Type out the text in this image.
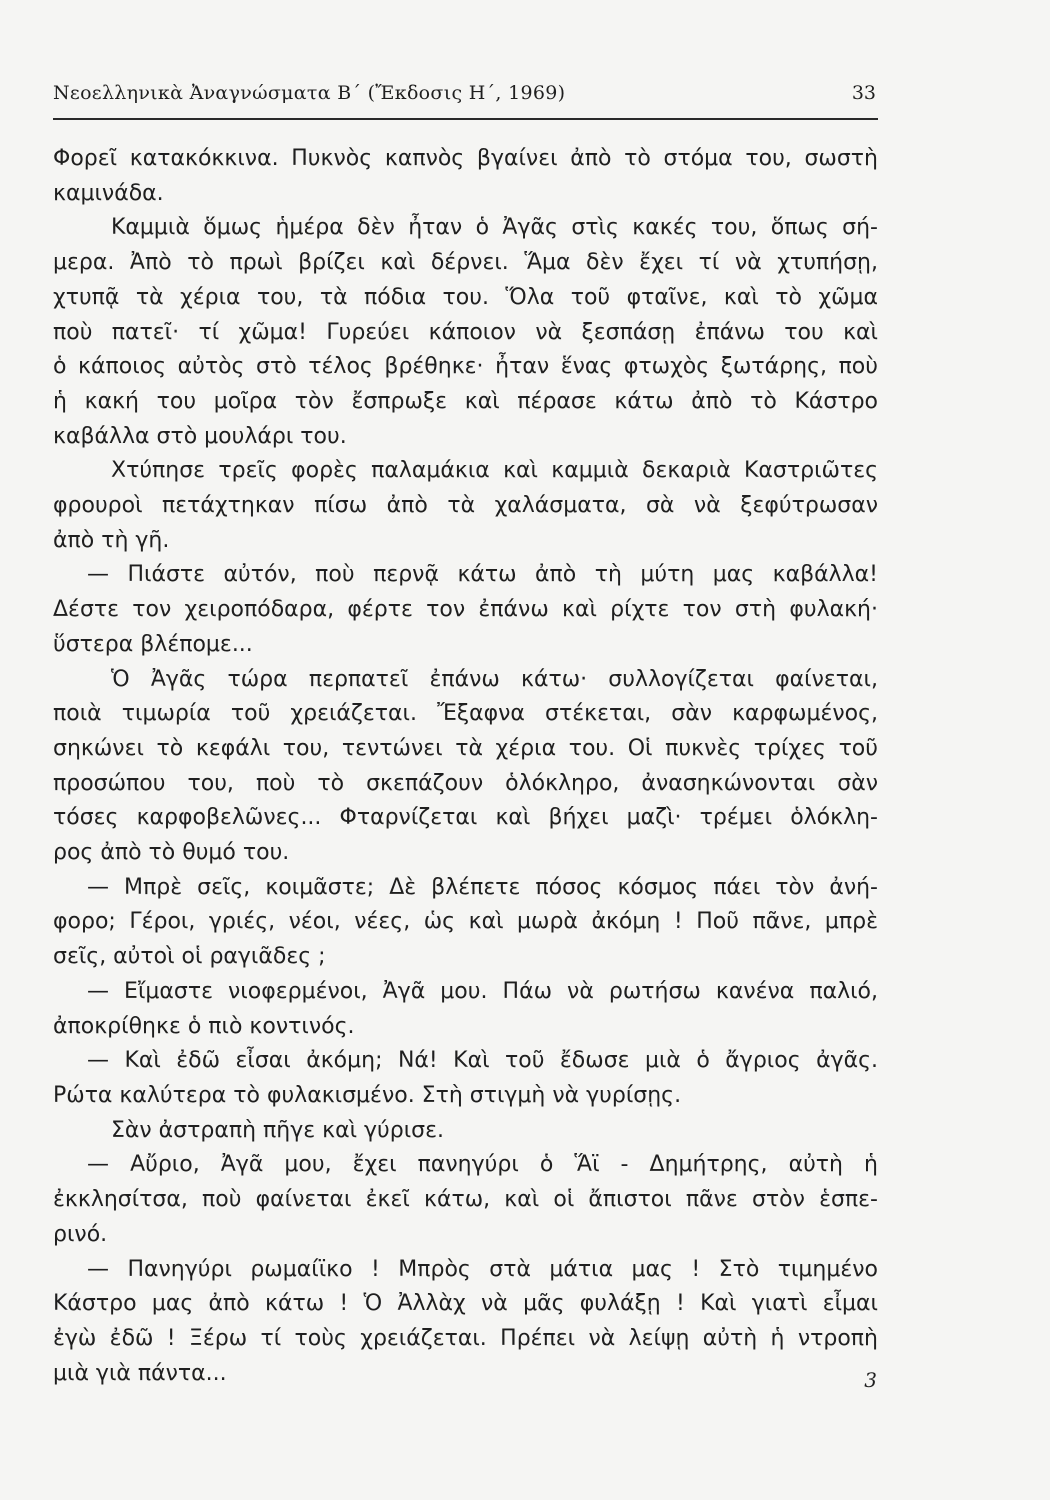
Νεοελληνικὰ Ἀναγνώσματα Β΄ (Ἔκδοσις Η΄, 1969)	33
Φορεῖ κατακόκκινα. Πυκνὸς καπνὸς βγαίνει ἀπὸ τὸ στόμα του, σωστὴ
καμινάδα.
Καμμιὰ ὅμως ἡμέρα δὲν ἦταν ὁ Ἀγᾶς στὶς κακές του, ὅπως σή-
μερα. Ἀπὸ τὸ πρωὶ βρίζει καὶ δέρνει. Ἅμα δὲν ἔχει τί νὰ χτυπήσῃ,
χτυπᾷ τὰ χέρια του, τὰ πόδια του. Ὅλα τοῦ φταῖνε, καὶ τὸ χῶμα
ποὺ πατεῖ· τί χῶμα! Γυρεύει κάποιον νὰ ξεσπάσῃ ἐπάνω του καὶ
ὁ κάποιος αὐτὸς στὸ τέλος βρέθηκε· ἦταν ἕνας φτωχὸς ξωτάρης, ποὺ
ἡ κακή του μοῖρα τὸν ἔσπρωξε καὶ πέρασε κάτω ἀπὸ τὸ Κάστρο
καβάλλα στὸ μουλάρι του.
Χτύπησε τρεῖς φορὲς παλαμάκια καὶ καμμιὰ δεκαριὰ Καστριῶτες
φρουροὶ πετάχτηκαν πίσω ἀπὸ τὰ χαλάσματα, σὰ νὰ ξεφύτρωσαν
ἀπὸ τὴ γῆ.
— Πιάστε αὐτόν, ποὺ περνᾷ κάτω ἀπὸ τὴ μύτη μας καβάλλα!
Δέστε τον χειροπόδαρα, φέρτε τον ἐπάνω καὶ ρίχτε τον στὴ φυλακή·
ὕστερα βλέπομε...
Ὁ Ἀγᾶς τώρα περπατεῖ ἐπάνω κάτω· συλλογίζεται φαίνεται,
ποιὰ τιμωρία τοῦ χρειάζεται. Ἔξαφνα στέκεται, σὰν καρφωμένος,
σηκώνει τὸ κεφάλι του, τεντώνει τὰ χέρια του. Οἱ πυκνὲς τρίχες τοῦ
προσώπου του, ποὺ τὸ σκεπάζουν ὁλόκληρο, ἀνασηκώνονται σὰν
τόσες καρφοβελῶνες... Φταρνίζεται καὶ βήχει μαζὶ· τρέμει ὁλόκλη-
ρος ἀπὸ τὸ θυμό του.
— Μπρὲ σεῖς, κοιμᾶστε; Δὲ βλέπετε πόσος κόσμος πάει τὸν ἀνή-
φορο; Γέροι, γριές, νέοι, νέες, ὡς καὶ μωρὰ ἀκόμη ! Ποῦ πᾶνε, μπρὲ
σεῖς, αὐτοὶ οἱ ραγιᾶδες ;
— Εἴμαστε νιοφερμένοι, Ἀγᾶ μου. Πάω νὰ ρωτήσω κανένα παλιό,
ἀποκρίθηκε ὁ πιὸ κοντινός.
— Καὶ ἐδῶ εἶσαι ἀκόμη; Νά! Καὶ τοῦ ἔδωσε μιὰ ὁ ἄγριος ἀγᾶς.
Ρώτα καλύτερα τὸ φυλακισμένο. Στὴ στιγμὴ νὰ γυρίσῃς.
Σὰν ἀστραπὴ πῆγε καὶ γύρισε.
— Αὔριο, Ἀγᾶ μου, ἔχει πανηγύρι ὁ Ἅϊ - Δημήτρης, αὐτὴ ἡ
ἐκκλησίτσα, ποὺ φαίνεται ἐκεῖ κάτω, καὶ οἱ ἄπιστοι πᾶνε στὸν ἑσπε-
ρινό.
— Πανηγύρι ρωμαίϊκο ! Μπρὸς στὰ μάτια μας ! Στὸ τιμημένο
Κάστρο μας ἀπὸ κάτω ! Ὁ Ἀλλὰχ νὰ μᾶς φυλάξῃ ! Καὶ γιατὶ εἶμαι
ἐγὼ ἐδῶ ! Ξέρω τί τοὺς χρειάζεται. Πρέπει νὰ λείψῃ αὐτὴ ἡ ντροπὴ
μιὰ γιὰ πάντα...	3
